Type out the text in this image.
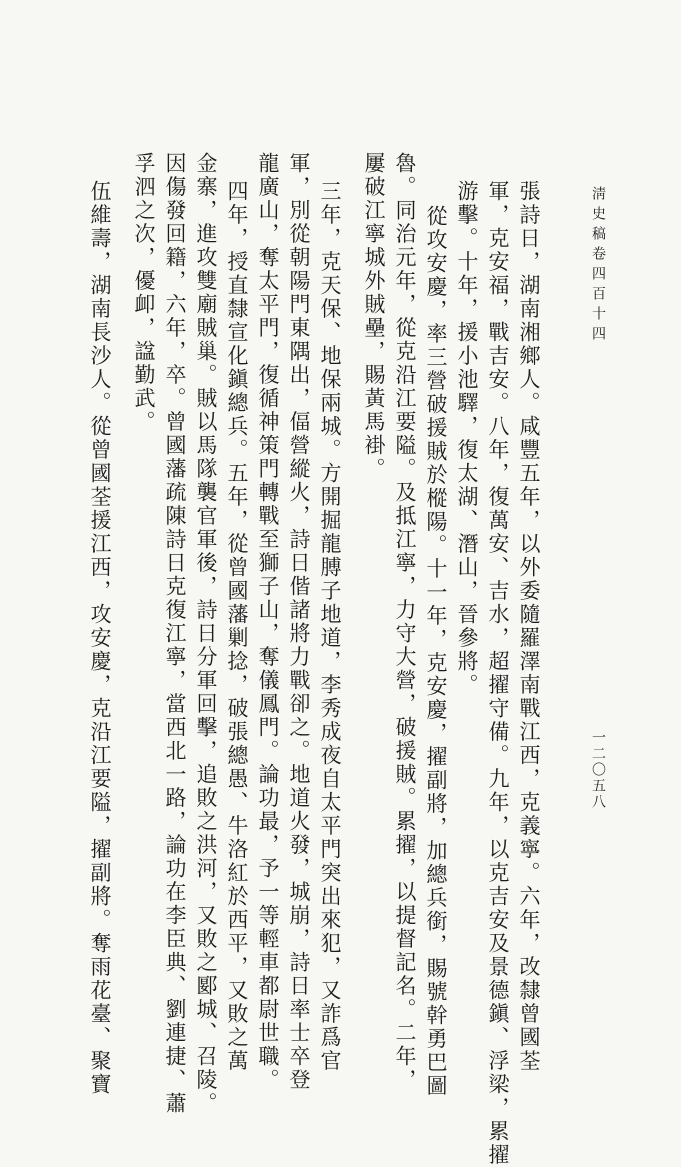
淸史稿卷四百十四
一二〇五八
張詩日，湖南湘鄉人。咸豐五年，以外委隨羅澤南戰江西，克義寧。六年，改隸曾國荃
軍，克安福，戰吉安。八年，復萬安、吉水，超擢守備。九年，以克吉安及景德鎭、浮梁，累擢
游擊。十年，援小池驛，復太湖、潛山，晉參將。
從攻安慶，率三營破援賊於樅陽。十一年，克安慶，擢副將，加總兵銜，賜號幹勇巴圖
魯。同治元年，從克沿江要隘。及抵江寧，力守大營，破援賊。累擢，以提督記名。二年，
屢破江寧城外賊壘，賜黃馬褂。
三年，克天保、地保兩城。方開掘龍膊子地道，李秀成夜自太平門突出來犯，又詐爲官
軍，別從朝陽門東隅出，偪營縱火，詩日偕諸將力戰卻之。地道火發，城崩，詩日率士卒登
龍廣山，奪太平門，復循神策門轉戰至獅子山，奪儀鳳門。論功最，予一等輕車都尉世職。
四年，授直隸宣化鎭總兵。五年，從曾國藩剿捻，破張總愚、牛洛紅於西平，又敗之萬
金寨，進攻雙廟賊巢。賊以馬隊襲官軍後，詩日分軍回擊，追敗之洪河，又敗之郾城、召陵。
因傷發回籍，六年，卒。曾國藩疏陳詩日克復江寧，當西北一路，論功在李臣典、劉連捷、蕭
孚泗之次，優卹，諡勤武。
伍維壽，湖南長沙人。從曾國荃援江西，攻安慶，克沿江要隘，擢副將。奪雨花臺、聚寶
